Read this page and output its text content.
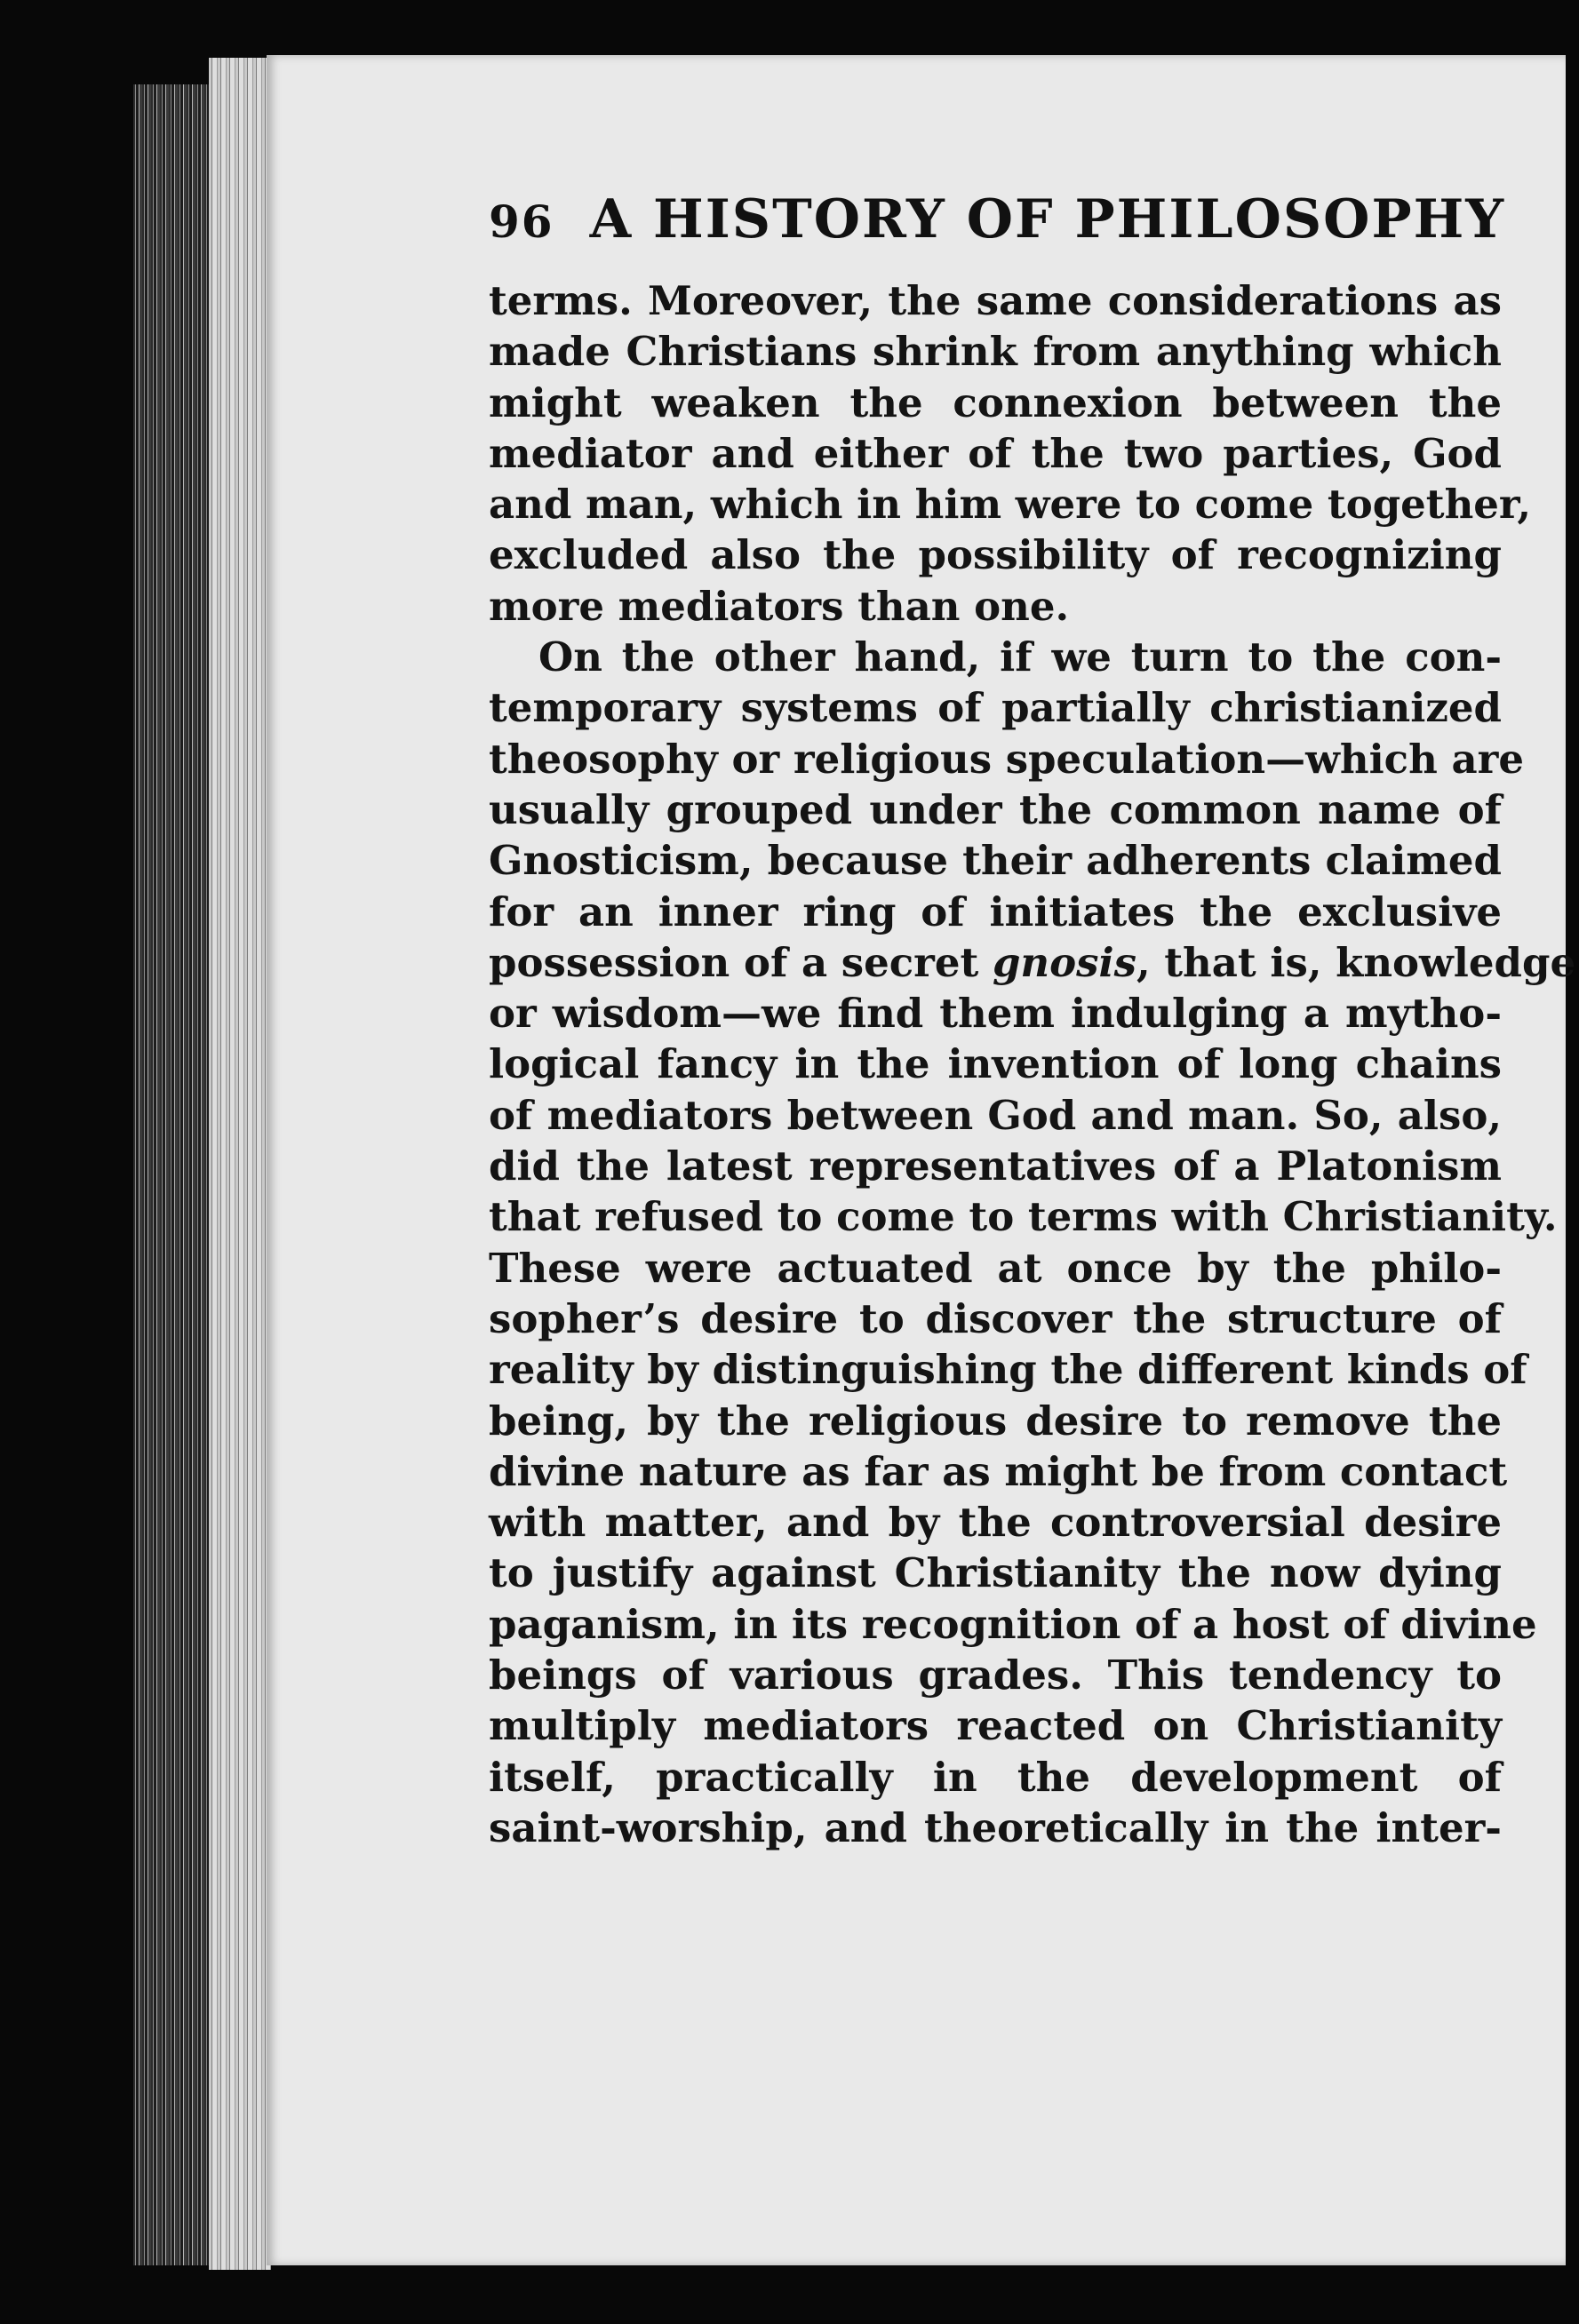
96 A HISTORY OF PHILOSOPHY
terms. Moreover, the same considerations as
made Christians shrink from anything which
might weaken the connexion between the
mediator and either of the two parties, God
and man, which in him were to come together,
excluded also the possibility of recognizing
more mediators than one.
On the other hand, if we turn to the con-
temporary systems of partially christianized
theosophy or religious speculation—which are
usually grouped under the common name of
Gnosticism, because their adherents claimed
for an inner ring of initiates the exclusive
possession of a secret gnosis, that is, knowledge
or wisdom—we find them indulging a mytho-
logical fancy in the invention of long chains
of mediators between God and man. So, also,
did the latest representatives of a Platonism
that refused to come to terms with Christianity.
These were actuated at once by the philo-
sopher’s desire to discover the structure of
reality by distinguishing the different kinds of
being, by the religious desire to remove the
divine nature as far as might be from contact
with matter, and by the controversial desire
to justify against Christianity the now dying
paganism, in its recognition of a host of divine
beings of various grades. This tendency to
multiply mediators reacted on Christianity
itself, practically in the development of
saint-worship, and theoretically in the inter-
